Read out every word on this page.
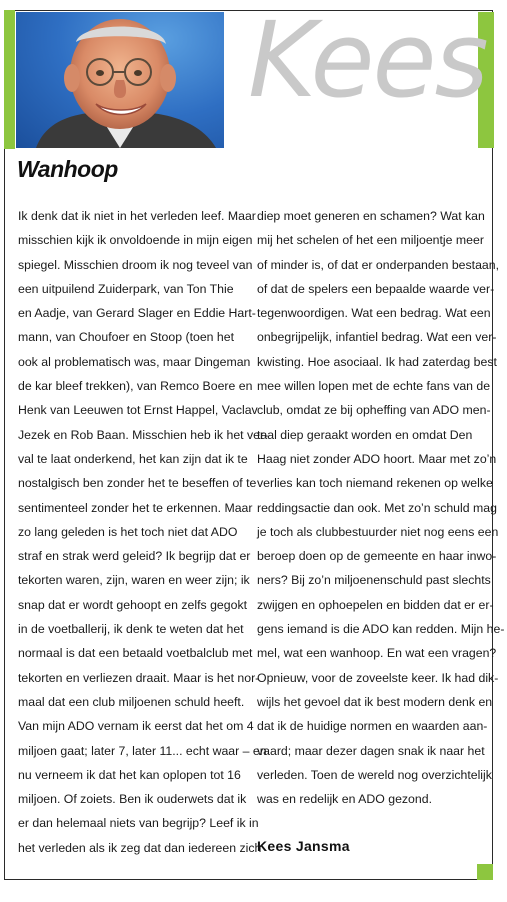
Kees
Wanhoop
Ik denk dat ik niet in het verleden leef. Maar
misschien kijk ik onvoldoende in mijn eigen
spiegel. Misschien droom ik nog teveel van
een uitpuilend Zuiderpark, van Ton Thie
en Aadje, van Gerard Slager en Eddie Hart-
mann, van Choufoer en Stoop (toen het
ook al problematisch was, maar Dingeman
de kar bleef trekken), van Remco Boere en
Henk van Leeuwen tot Ernst Happel, Vaclav
Jezek en Rob Baan. Misschien heb ik het ver-
val te laat onderkend, het kan zijn dat ik te
nostalgisch ben zonder het te beseffen of te
sentimenteel zonder het te erkennen. Maar
zo lang geleden is het toch niet dat ADO
straf en strak werd geleid? Ik begrijp dat er
tekorten waren, zijn, waren en weer zijn; ik
snap dat er wordt gehoopt en zelfs gegokt
in de voetballerij, ik denk te weten dat het
normaal is dat een betaald voetbalclub met
tekorten en verliezen draait. Maar is het nor-
maal dat een club miljoenen schuld heeft.
Van mijn ADO vernam ik eerst dat het om 4
miljoen gaat; later 7, later 11... echt waar – en
nu verneem ik dat het kan oplopen tot 16
miljoen. Of zoiets. Ben ik ouderwets dat ik
er dan helemaal niets van begrijp? Leef ik in
het verleden als ik zeg dat dan iedereen zich
diep moet generen en schamen? Wat kan
mij het schelen of het een miljoentje meer
of minder is, of dat er onderpanden bestaan,
of dat de spelers een bepaalde waarde ver-
tegenwoordigen. Wat een bedrag. Wat een
onbegrijpelijk, infantiel bedrag. Wat een ver-
kwisting. Hoe asociaal. Ik had zaterdag best
mee willen lopen met de echte fans van de
club, omdat ze bij opheffing van ADO men-
taal diep geraakt worden en omdat Den
Haag niet zonder ADO hoort. Maar met zo’n
verlies kan toch niemand rekenen op welke
reddingsactie dan ook. Met zo’n schuld mag
je toch als clubbestuurder niet nog eens een
beroep doen op de gemeente en haar inwo-
ners? Bij zo’n miljoenenschuld past slechts
zwijgen en ophoepelen en bidden dat er er-
gens iemand is die ADO kan redden. Mijn he-
mel, wat een wanhoop. En wat een vragen?
Opnieuw, voor de zoveelste keer. Ik had dik-
wijls het gevoel dat ik best modern denk en
dat ik de huidige normen en waarden aan-
vaard; maar dezer dagen snak ik naar het
verleden. Toen de wereld nog overzichtelijk
was en redelijk en ADO gezond.
Kees Jansma
